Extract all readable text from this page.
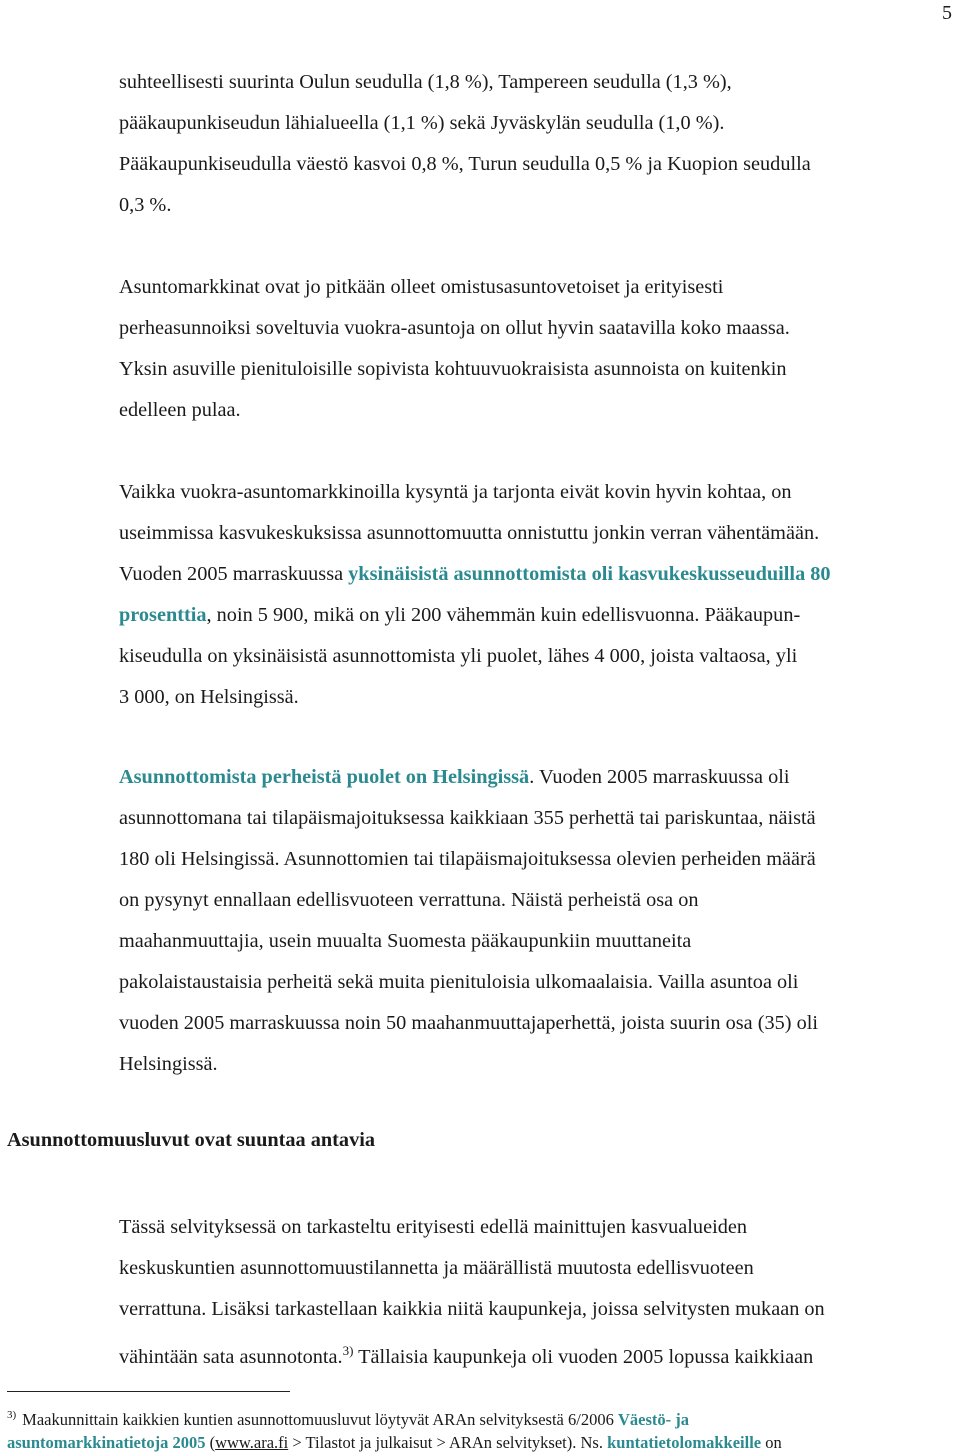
5

suhteellisesti suurinta Oulun seudulla (1,8 %), Tampereen seudulla (1,3 %),
pääkaupunkiseudun lähialueella (1,1 %) sekä Jyväskylän seudulla (1,0 %).
Pääkaupunkiseudulla väestö kasvoi 0,8 %, Turun seudulla 0,5 % ja Kuopion seudulla
0,3 %.

Asuntomarkkinat ovat jo pitkään olleet omistusasuntovetoiset ja erityisesti
perheasunnoiksi soveltuvia vuokra-asuntoja on ollut hyvin saatavilla koko maassa.
Yksin asuville pienituloisille sopivista kohtuuvuokraisista asunnoista on kuitenkin
edelleen pulaa.

Vaikka vuokra-asuntomarkkinoilla kysyntä ja tarjonta eivät kovin hyvin kohtaa, on
useimmissa kasvukeskuksissa asunnottomuutta onnistuttu jonkin verran vähentämään.
Vuoden 2005 marraskuussa yksinäisistä asunnottomista oli kasvukeskusseuduilla 80
prosenttia, noin 5 900, mikä on yli 200 vähemmän kuin edellisvuonna. Pääkaupun-
kiseudulla on yksinäisistä asunnottomista yli puolet, lähes 4 000, joista valtaosa, yli
3 000, on Helsingissä.

Asunnottomista perheistä puolet on Helsingissä. Vuoden 2005 marraskuussa oli
asunnottomana tai tilapäismajoituksessa kaikkiaan 355 perhettä tai pariskuntaa, näistä
180 oli Helsingissä. Asunnottomien tai tilapäismajoituksessa olevien perheiden määrä
on pysynyt ennallaan edellisvuoteen verrattuna. Näistä perheistä osa on
maahanmuuttajia, usein muualta Suomesta pääkaupunkiin muuttaneita
pakolaistaustaisia perheitä sekä muita pienituloisia ulkomaalaisia. Vailla asuntoa oli
vuoden 2005 marraskuussa noin 50 maahanmuuttajaperhettä, joista suurin osa (35) oli
Helsingissä.

Asunnottomuusluvut ovat suuntaa antavia

Tässä selvityksessä on tarkasteltu erityisesti edellä mainittujen kasvualueiden
keskuskuntien asunnottomuustilannetta ja määrällistä muutosta edellisvuoteen
verrattuna. Lisäksi tarkastellaan kaikkia niitä kaupunkeja, joissa selvitysten mukaan on
vähintään sata asunnotonta.$^{3)}$ Tällaisia kaupunkeja oli vuoden 2005 lopussa kaikkiaan

$^{3)}$ Maakunnittain kaikkien kuntien asunnottomuusluvut löytyvät ARAn selvityksestä 6/2006 Väestö- ja
asuntomarkkinatietoja 2005 (www.ara.fi > Tilastot ja julkaisut > ARAn selvitykset). Ns. kuntatietolomakkeille on
